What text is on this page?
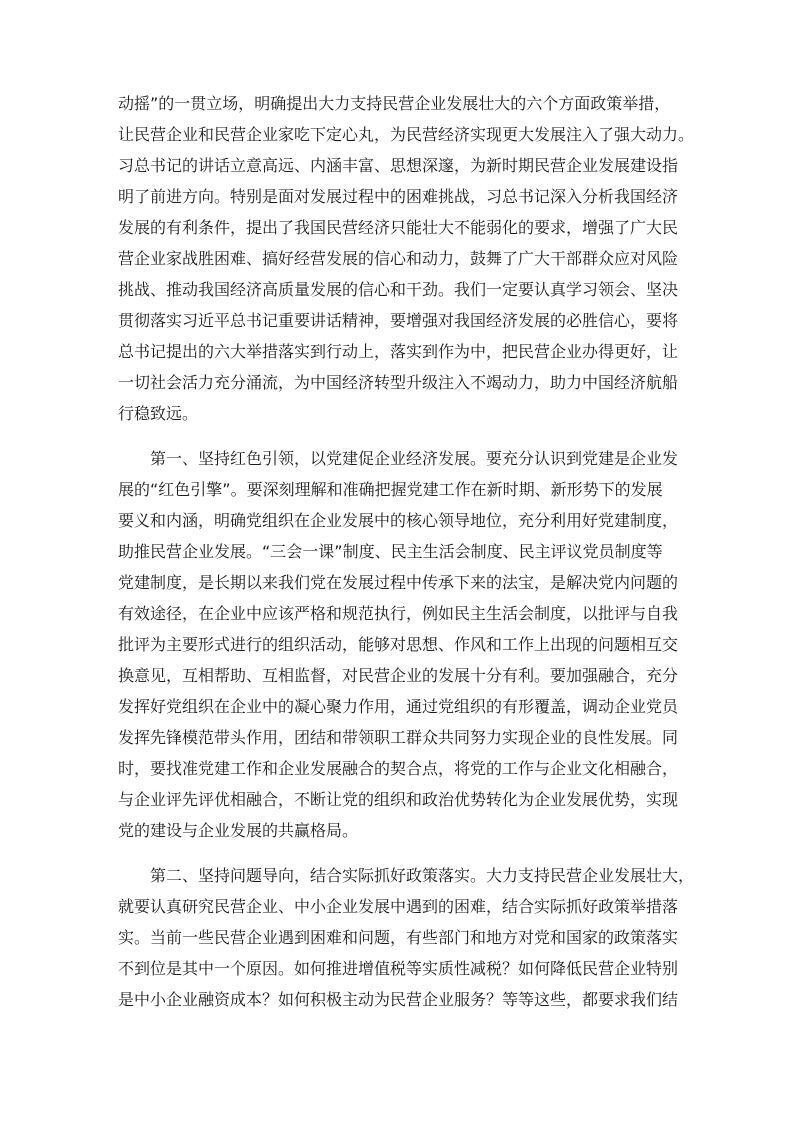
动摇”的一贯立场，明确提出大力支持民营企业发展壮大的六个方面政策举措，
让民营企业和民营企业家吃下定心丸，为民营经济实现更大发展注入了强大动力。
习总书记的讲话立意高远、内涵丰富、思想深邃，为新时期民营企业发展建设指
明了前进方向。特别是面对发展过程中的困难挑战，习总书记深入分析我国经济
发展的有利条件，提出了我国民营经济只能壮大不能弱化的要求，增强了广大民
营企业家战胜困难、搞好经营发展的信心和动力，鼓舞了广大干部群众应对风险
挑战、推动我国经济高质量发展的信心和干劲。我们一定要认真学习领会、坚决
贯彻落实习近平总书记重要讲话精神，要增强对我国经济发展的必胜信心，要将
总书记提出的六大举措落实到行动上，落实到作为中，把民营企业办得更好，让
一切社会活力充分涌流，为中国经济转型升级注入不竭动力，助力中国经济航船
行稳致远。
第一、坚持红色引领，以党建促企业经济发展。要充分认识到党建是企业发
展的“红色引擎”。要深刻理解和准确把握党建工作在新时期、新形势下的发展
要义和内涵，明确党组织在企业发展中的核心领导地位，充分利用好党建制度，
助推民营企业发展。“三会一课”制度、民主生活会制度、民主评议党员制度等
党建制度，是长期以来我们党在发展过程中传承下来的法宝，是解决党内问题的
有效途径，在企业中应该严格和规范执行，例如民主生活会制度，以批评与自我
批评为主要形式进行的组织活动，能够对思想、作风和工作上出现的问题相互交
换意见，互相帮助、互相监督，对民营企业的发展十分有利。要加强融合，充分
发挥好党组织在企业中的凝心聚力作用，通过党组织的有形覆盖，调动企业党员
发挥先锋模范带头作用，团结和带领职工群众共同努力实现企业的良性发展。同
时，要找准党建工作和企业发展融合的契合点，将党的工作与企业文化相融合，
与企业评先评优相融合，不断让党的组织和政治优势转化为企业发展优势，实现
党的建设与企业发展的共赢格局。
第二、坚持问题导向，结合实际抓好政策落实。大力支持民营企业发展壮大，
就要认真研究民营企业、中小企业发展中遇到的困难，结合实际抓好政策举措落
实。当前一些民营企业遇到困难和问题，有些部门和地方对党和国家的政策落实
不到位是其中一个原因。如何推进增值税等实质性减税？如何降低民营企业特别
是中小企业融资成本？如何积极主动为民营企业服务？等等这些，都要求我们结
